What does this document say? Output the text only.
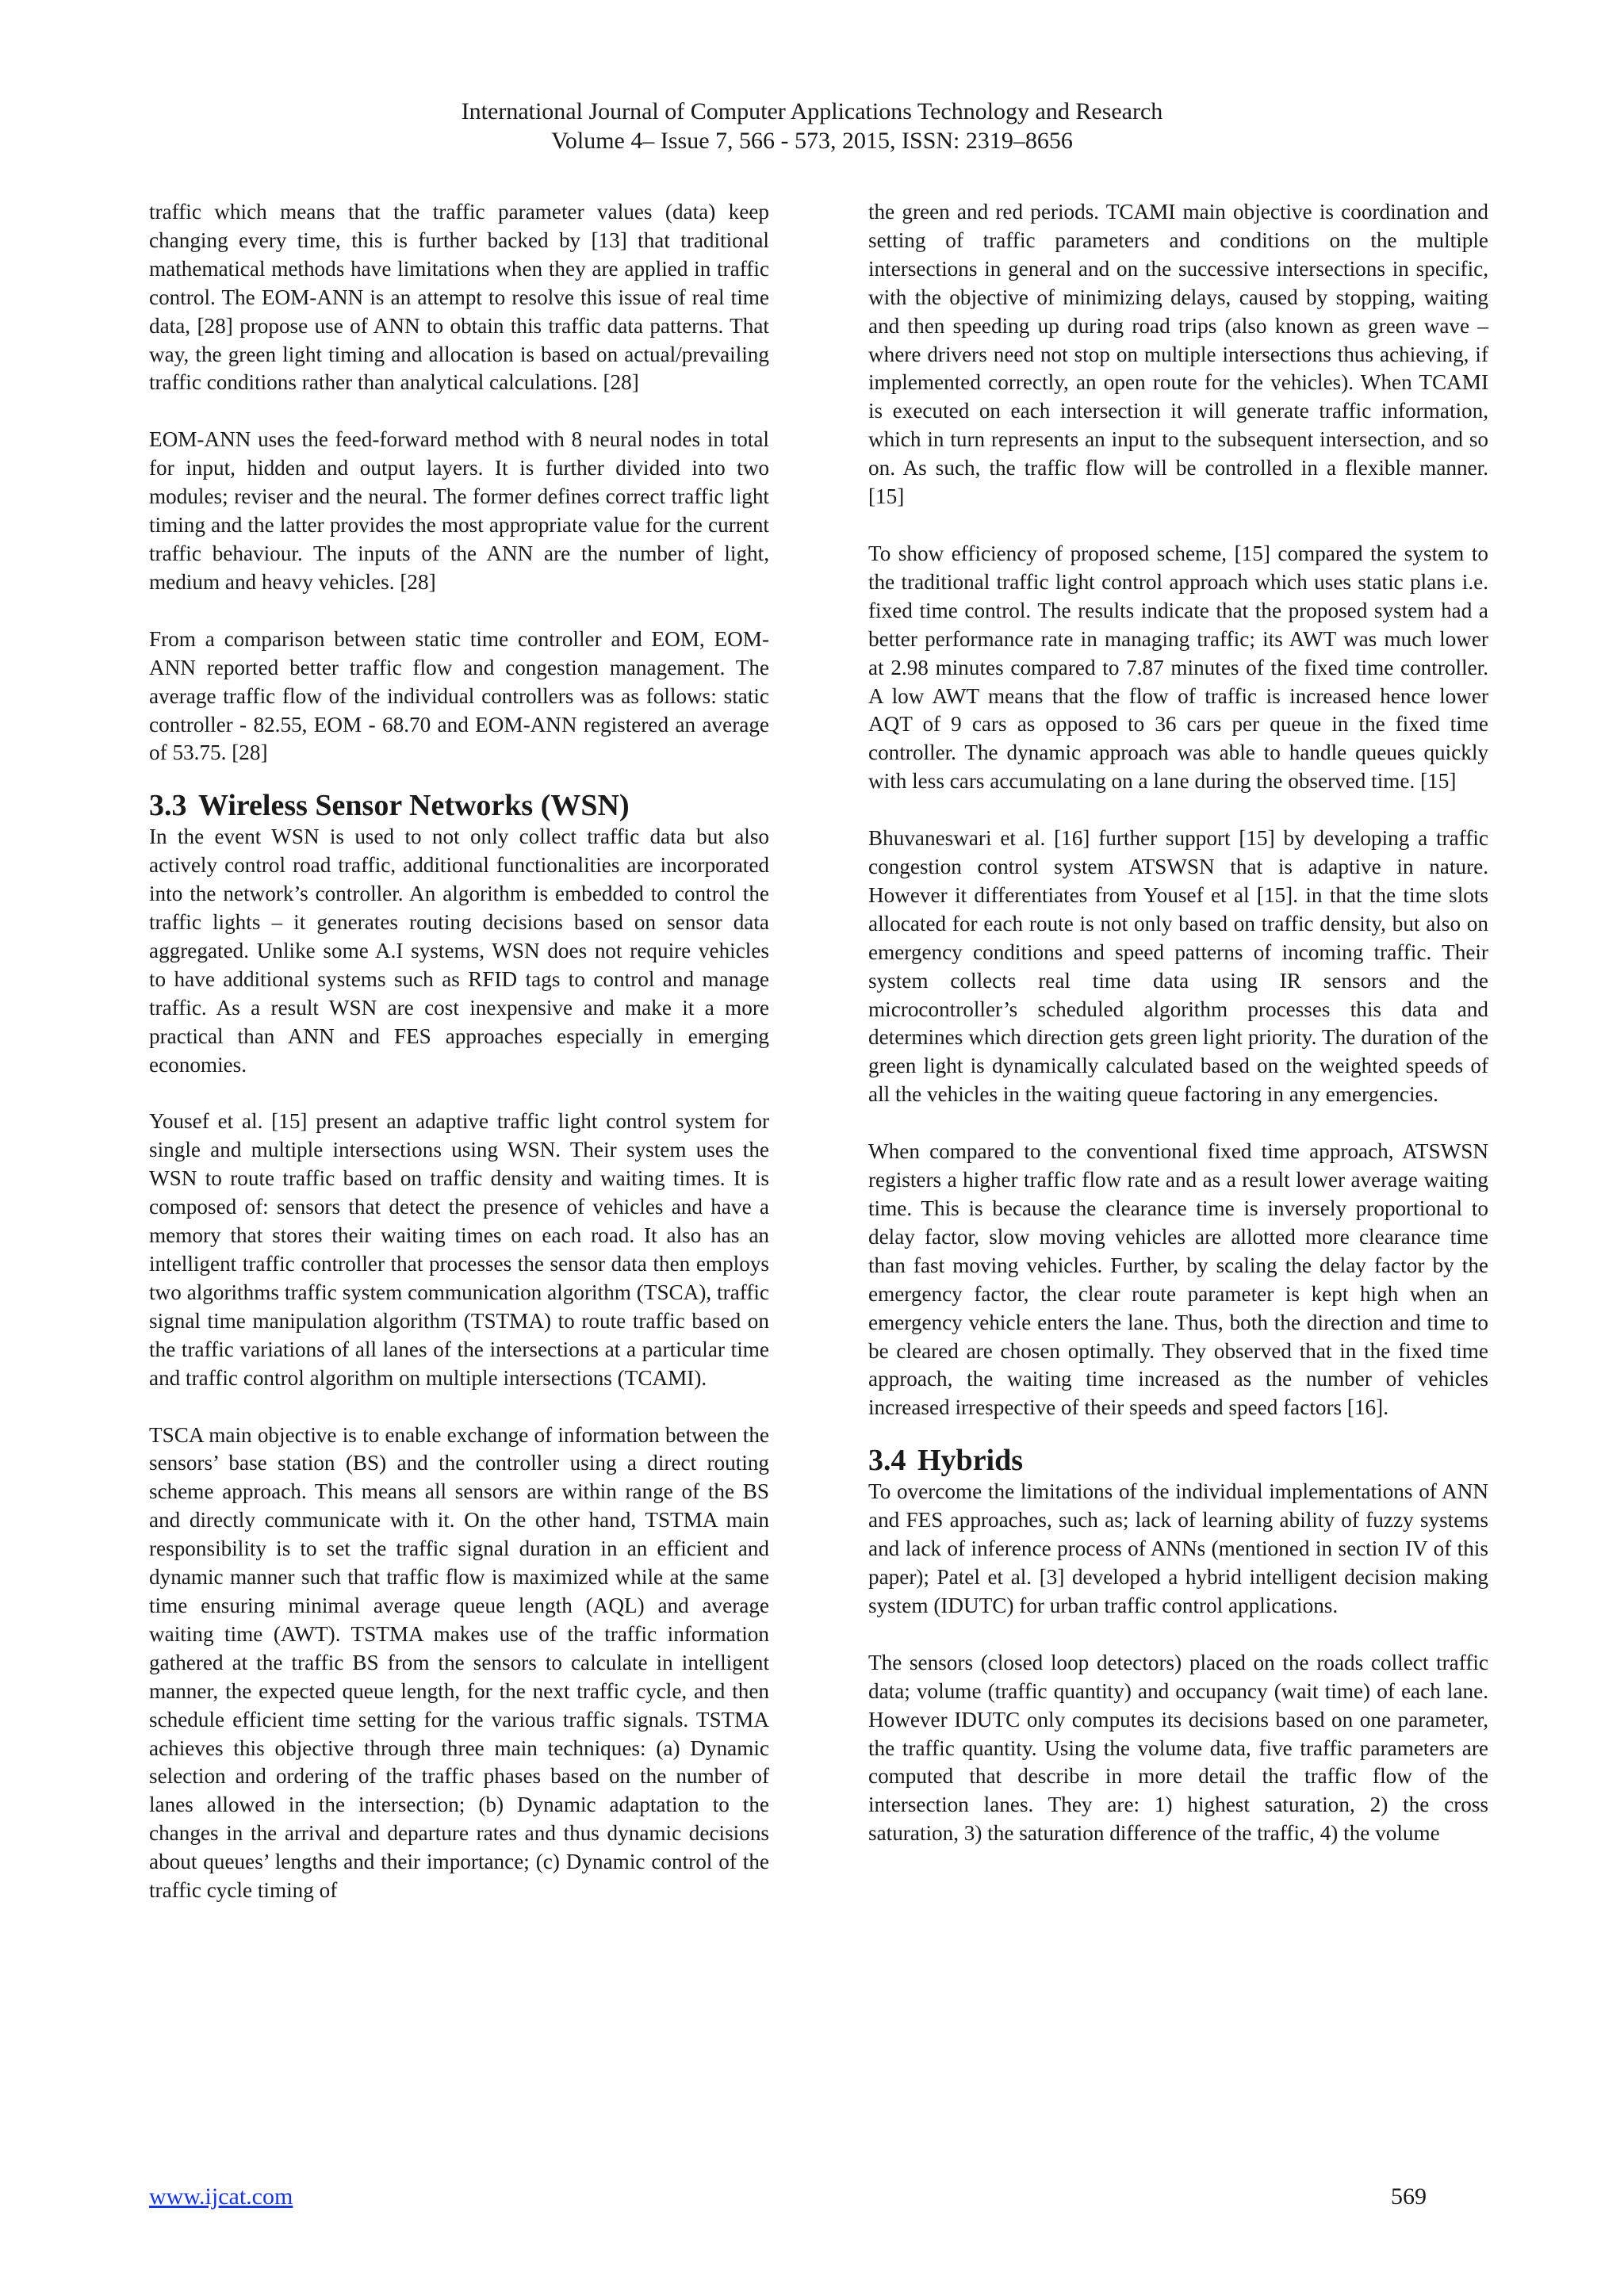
International Journal of Computer Applications Technology and Research
Volume 4– Issue 7, 566 - 573, 2015, ISSN: 2319–8656

traffic which means that the traffic parameter values (data) keep changing every time, this is further backed by [13] that traditional mathematical methods have limitations when they are applied in traffic control. The EOM-ANN is an attempt to resolve this issue of real time data, [28] propose use of ANN to obtain this traffic data patterns. That way, the green light timing and allocation is based on actual/prevailing traffic conditions rather than analytical calculations. [28]

EOM-ANN uses the feed-forward method with 8 neural nodes in total for input, hidden and output layers. It is further divided into two modules; reviser and the neural. The former defines correct traffic light timing and the latter provides the most appropriate value for the current traffic behaviour. The inputs of the ANN are the number of light, medium and heavy vehicles. [28]

From a comparison between static time controller and EOM, EOM-ANN reported better traffic flow and congestion management. The average traffic flow of the individual controllers was as follows: static controller - 82.55, EOM - 68.70 and EOM-ANN registered an average of 53.75. [28]

3.3 Wireless Sensor Networks (WSN)

In the event WSN is used to not only collect traffic data but also actively control road traffic, additional functionalities are incorporated into the network’s controller. An algorithm is embedded to control the traffic lights – it generates routing decisions based on sensor data aggregated. Unlike some A.I systems, WSN does not require vehicles to have additional systems such as RFID tags to control and manage traffic. As a result WSN are cost inexpensive and make it a more practical than ANN and FES approaches especially in emerging economies.

Yousef et al. [15] present an adaptive traffic light control system for single and multiple intersections using WSN. Their system uses the WSN to route traffic based on traffic density and waiting times. It is composed of: sensors that detect the presence of vehicles and have a memory that stores their waiting times on each road. It also has an intelligent traffic controller that processes the sensor data then employs two algorithms traffic system communication algorithm (TSCA), traffic signal time manipulation algorithm (TSTMA) to route traffic based on the traffic variations of all lanes of the intersections at a particular time and traffic control algorithm on multiple intersections (TCAMI).

TSCA main objective is to enable exchange of information between the sensors’ base station (BS) and the controller using a direct routing scheme approach. This means all sensors are within range of the BS and directly communicate with it. On the other hand, TSTMA main responsibility is to set the traffic signal duration in an efficient and dynamic manner such that traffic flow is maximized while at the same time ensuring minimal average queue length (AQL) and average waiting time (AWT). TSTMA makes use of the traffic information gathered at the traffic BS from the sensors to calculate in intelligent manner, the expected queue length, for the next traffic cycle, and then schedule efficient time setting for the various traffic signals. TSTMA achieves this objective through three main techniques: (a) Dynamic selection and ordering of the traffic phases based on the number of lanes allowed in the intersection; (b) Dynamic adaptation to the changes in the arrival and departure rates and thus dynamic decisions about queues’ lengths and their importance; (c) Dynamic control of the traffic cycle timing of

the green and red periods. TCAMI main objective is coordination and setting of traffic parameters and conditions on the multiple intersections in general and on the successive intersections in specific, with the objective of minimizing delays, caused by stopping, waiting and then speeding up during road trips (also known as green wave – where drivers need not stop on multiple intersections thus achieving, if implemented correctly, an open route for the vehicles). When TCAMI is executed on each intersection it will generate traffic information, which in turn represents an input to the subsequent intersection, and so on. As such, the traffic flow will be controlled in a flexible manner. [15]

To show efficiency of proposed scheme, [15] compared the system to the traditional traffic light control approach which uses static plans i.e. fixed time control. The results indicate that the proposed system had a better performance rate in managing traffic; its AWT was much lower at 2.98 minutes compared to 7.87 minutes of the fixed time controller. A low AWT means that the flow of traffic is increased hence lower AQT of 9 cars as opposed to 36 cars per queue in the fixed time controller. The dynamic approach was able to handle queues quickly with less cars accumulating on a lane during the observed time. [15]

Bhuvaneswari et al. [16] further support [15] by developing a traffic congestion control system ATSWSN that is adaptive in nature. However it differentiates from Yousef et al [15]. in that the time slots allocated for each route is not only based on traffic density, but also on emergency conditions and speed patterns of incoming traffic. Their system collects real time data using IR sensors and the microcontroller’s scheduled algorithm processes this data and determines which direction gets green light priority. The duration of the green light is dynamically calculated based on the weighted speeds of all the vehicles in the waiting queue factoring in any emergencies.

When compared to the conventional fixed time approach, ATSWSN registers a higher traffic flow rate and as a result lower average waiting time. This is because the clearance time is inversely proportional to delay factor, slow moving vehicles are allotted more clearance time than fast moving vehicles. Further, by scaling the delay factor by the emergency factor, the clear route parameter is kept high when an emergency vehicle enters the lane. Thus, both the direction and time to be cleared are chosen optimally. They observed that in the fixed time approach, the waiting time increased as the number of vehicles increased irrespective of their speeds and speed factors [16].

3.4 Hybrids

To overcome the limitations of the individual implementations of ANN and FES approaches, such as; lack of learning ability of fuzzy systems and lack of inference process of ANNs (mentioned in section IV of this paper); Patel et al. [3] developed a hybrid intelligent decision making system (IDUTC) for urban traffic control applications.

The sensors (closed loop detectors) placed on the roads collect traffic data; volume (traffic quantity) and occupancy (wait time) of each lane. However IDUTC only computes its decisions based on one parameter, the traffic quantity. Using the volume data, five traffic parameters are computed that describe in more detail the traffic flow of the intersection lanes. They are: 1) highest saturation, 2) the cross saturation, 3) the saturation difference of the traffic, 4) the volume

www.ijcat.com	569
